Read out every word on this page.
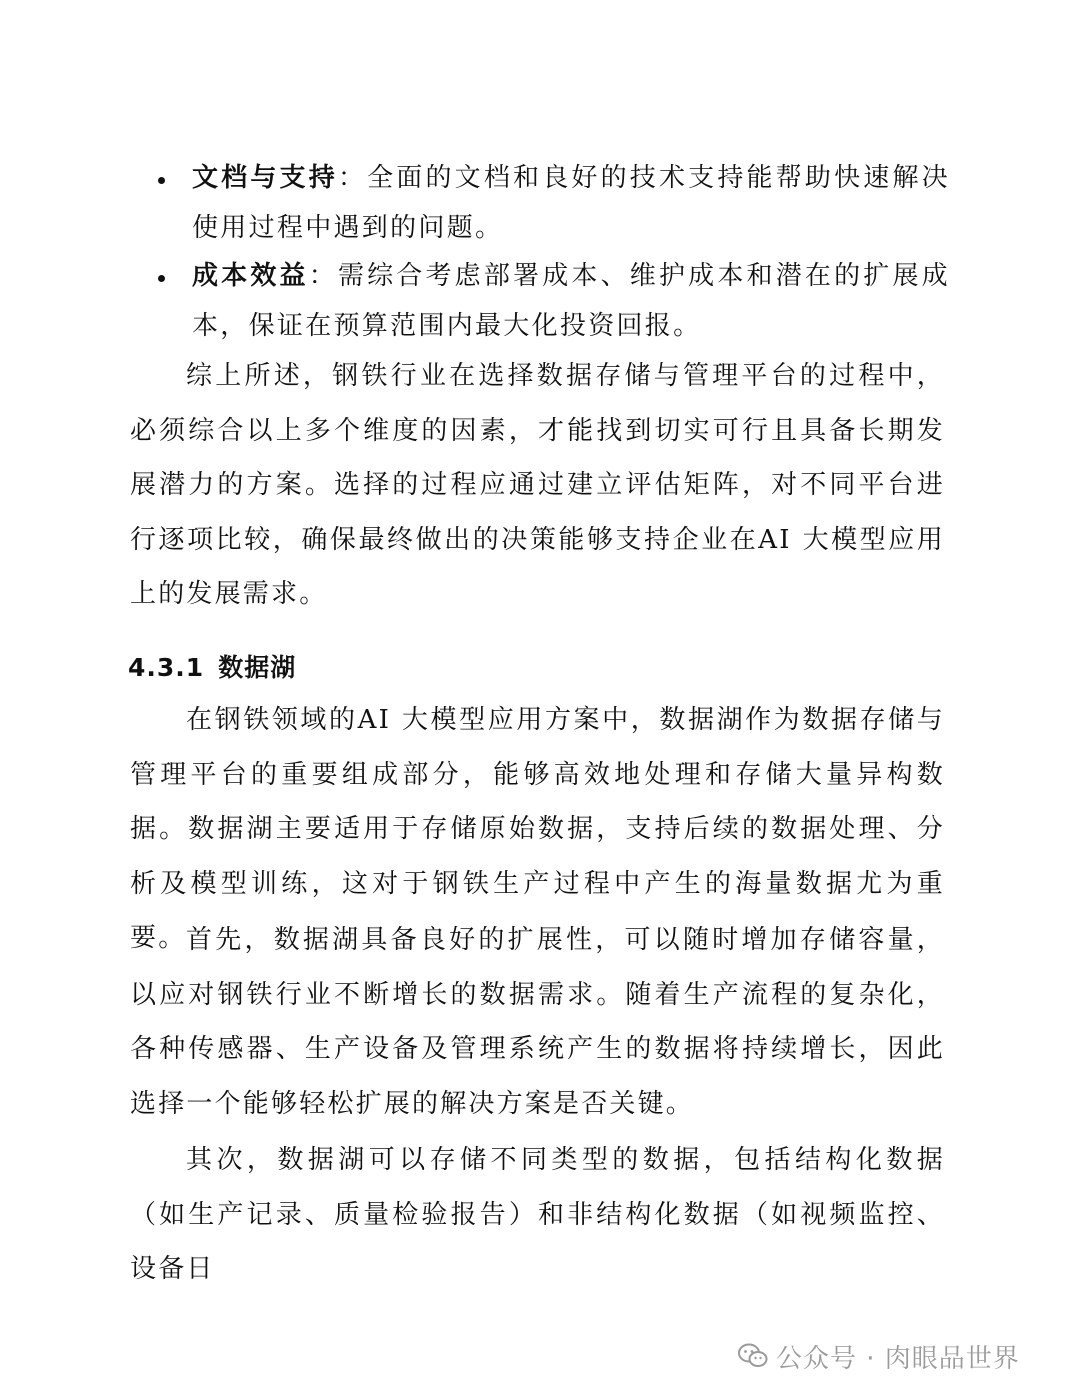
文档与支持：全面的文档和良好的技术支持能帮助快速解决使用过程中遇到的问题。
成本效益：需综合考虑部署成本、维护成本和潜在的扩展成本，保证在预算范围内最大化投资回报。

综上所述，钢铁行业在选择数据存储与管理平台的过程中，必须综合以上多个维度的因素，才能找到切实可行且具备长期发展潜力的方案。选择的过程应通过建立评估矩阵，对不同平台进行逐项比较，确保最终做出的决策能够支持企业在AI 大模型应用上的发展需求。

4.3.1 数据湖

在钢铁领域的AI 大模型应用方案中，数据湖作为数据存储与管理平台的重要组成部分，能够高效地处理和存储大量异构数据。数据湖主要适用于存储原始数据，支持后续的数据处理、分析及模型训练，这对于钢铁生产过程中产生的海量数据尤为重要。 首先，数据湖具备良好的扩展性，可以随时增加存储容量，以应对钢铁行业不断增长的数据需求。随着生产流程的复杂化，各种传感器、生产设备及管理系统产生的数据将持续增长，因此选择一个能够轻松扩展的解决方案是否关键。

其次，数据湖可以存储不同类型的数据，包括结构化数据（如生产记录、质量检验报告）和非结构化数据（如视频监控、设备日

公众号 · 肉眼品世界
